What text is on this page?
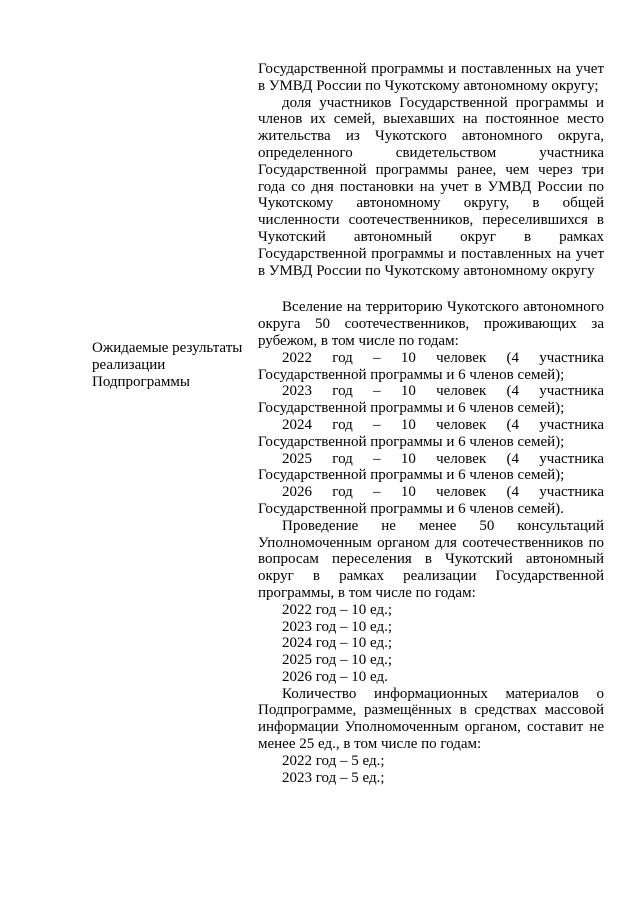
Государственной программы и поставленных на учет в УМВД России по Чукотскому автономному округу;

доля участников Государственной программы и членов их семей, выехавших на постоянное место жительства из Чукотского автономного округа, определенного свидетельством участника Государственной программы ранее, чем через три года со дня постановки на учет в УМВД России по Чукотскому автономному округу, в общей численности соотечественников, переселившихся в Чукотский автономный округ в рамках Государственной программы и поставленных на учет в УМВД России по Чукотскому автономному округу

Вселение на территорию Чукотского автономного округа 50 соотечественников, проживающих за рубежом, в том числе по годам:

2022 год – 10 человек (4 участника Государственной программы и 6 членов семей);

2023 год – 10 человек (4 участника Государственной программы и 6 членов семей);

2024 год – 10 человек (4 участника Государственной программы и 6 членов семей);

2025 год – 10 человек (4 участника Государственной программы и 6 членов семей);

2026 год – 10 человек (4 участника Государственной программы и 6 членов семей).

Проведение не менее 50 консультаций Уполномоченным органом для соотечественников по вопросам переселения в Чукотский автономный округ в рамках реализации Государственной программы, в том числе по годам:

2022 год – 10 ед.;

2023 год – 10 ед.;

2024 год – 10 ед.;

2025 год – 10 ед.;

2026 год – 10 ед.

Количество информационных материалов о Подпрограмме, размещённых в средствах массовой информации Уполномоченным органом, составит не менее 25 ед., в том числе по годам:

2022 год – 5 ед.;

2023 год – 5 ед.;

Ожидаемые результаты реализации Подпрограммы
